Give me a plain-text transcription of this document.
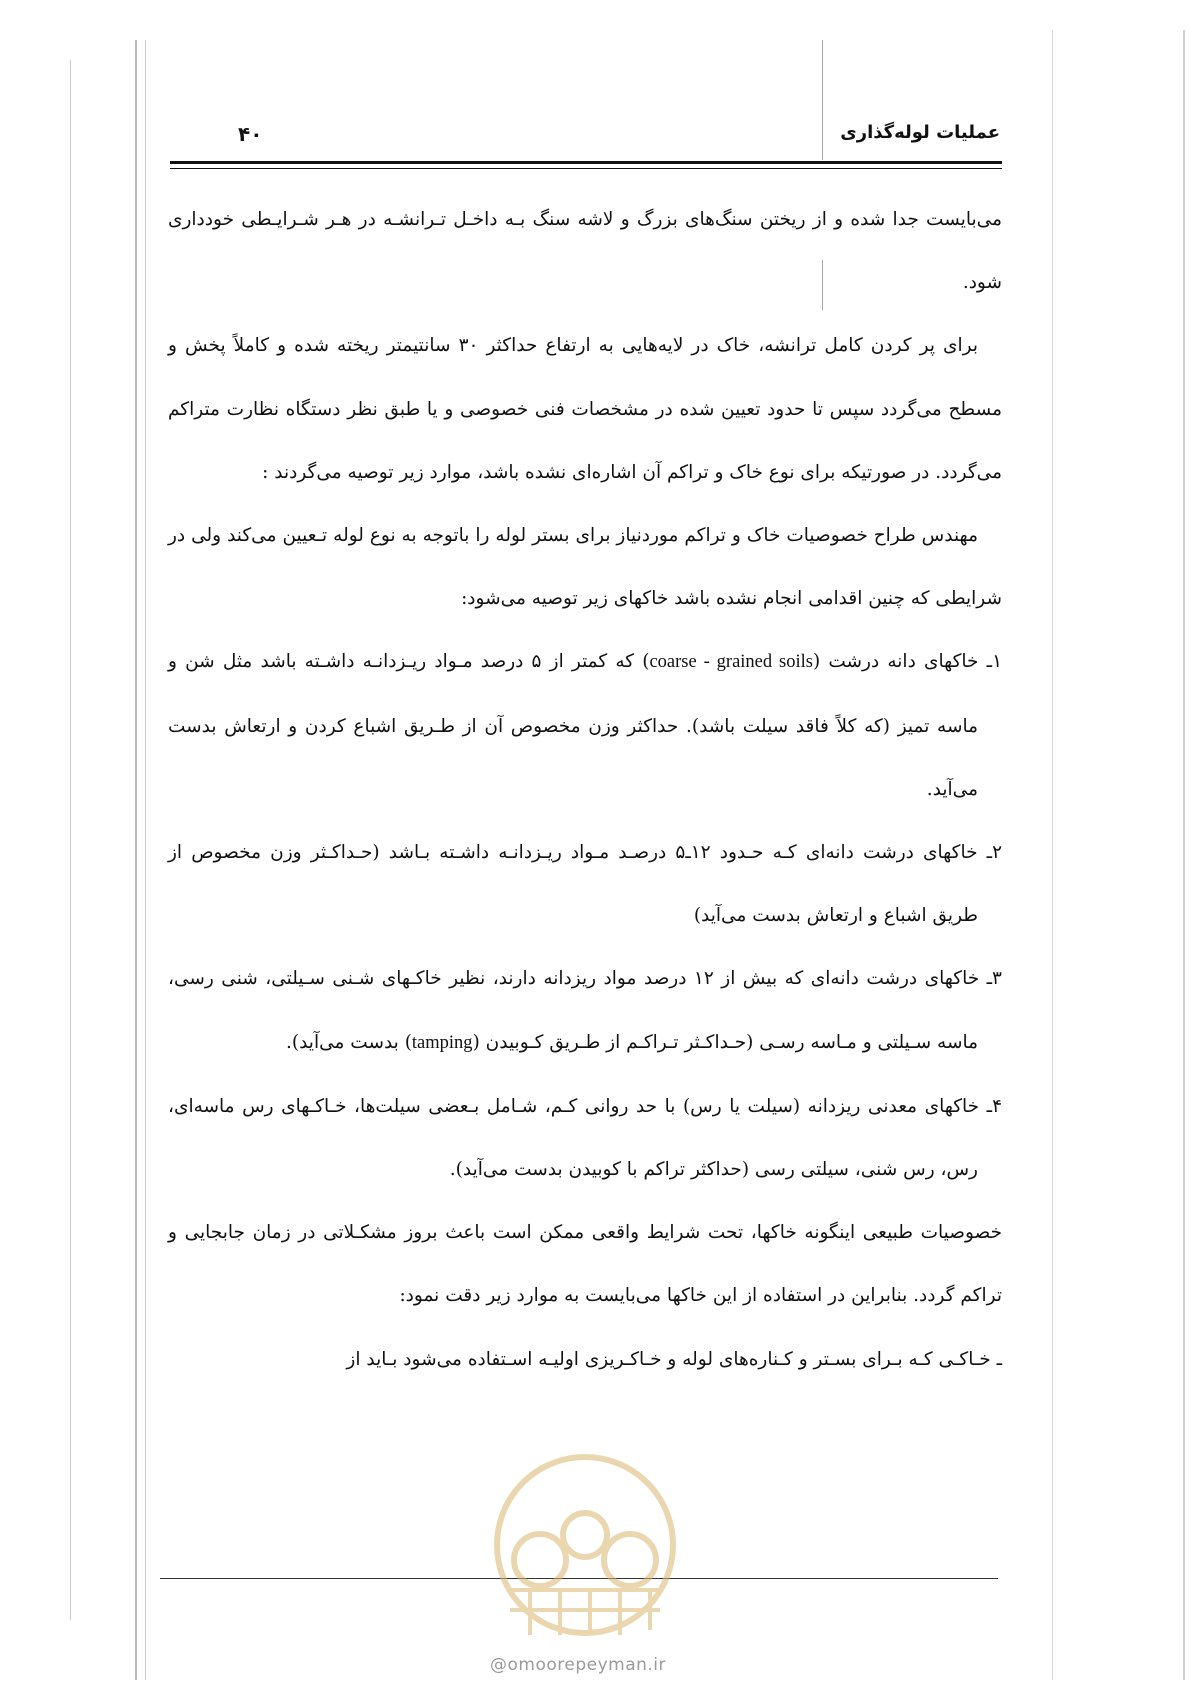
۴۰	عملیات لوله‌گذاری

می‌بایست جدا شده و از ریختن سنگ‌های بزرگ و لاشه سنگ بـه داخـل تـرانشـه در هـر شـرایـطی خودداری شود.

برای پر کردن کامل ترانشه، خاک در لایه‌هایی به ارتفاع حداکثر ۳۰ سانتیمتر ریخته شده و کاملاً پخش و مسطح می‌گردد سپس تا حدود تعیین شده در مشخصات فنی خصوصی و یا طبق نظر دستگاه نظارت متراکم می‌گردد. در صورتیکه برای نوع خاک و تراکم آن اشاره‌ای نشده باشد، موارد زیر توصیه می‌گردند :

مهندس طراح خصوصیات خاک و تراکم موردنیاز برای بستر لوله را باتوجه به نوع لوله تـعیین می‌کند ولی در شرایطی که چنین اقدامی انجام نشده باشد خاکهای زیر توصیه می‌شود:

۱ـ خاکهای دانه درشت (coarse - grained soils) که کمتر از ۵ درصد مـواد ریـزدانـه داشـته باشد مثل شن و ماسه تمیز (که کلاً فاقد سیلت باشد). حداکثر وزن مخصوص آن از طـریق اشباع کردن و ارتعاش بدست می‌آید.

۲ـ خاکهای درشت دانه‌ای کـه حـدود ۱۲ـ۵ درصـد مـواد ریـزدانـه داشـته بـاشد (حـداکـثر وزن مخصوص از طریق اشباع و ارتعاش بدست می‌آید)

۳ـ خاکهای درشت دانه‌ای که بیش از ۱۲ درصد مواد ریزدانه دارند، نظیر خاکـهای شـنی سـیلتی، شنی رسی، ماسه سـیلتی و مـاسه رسـی (حـداکـثر تـراکـم از طـریق کـوبیدن (tamping) بدست می‌آید).

۴ـ خاکهای معدنی ریزدانه (سیلت یا رس) با حد روانی کـم، شـامل بـعضی سیلت‌ها، خـاکـهای رس ماسه‌ای، رس، رس شنی، سیلتی رسی (حداکثر تراکم با کوبیدن بدست می‌آید).

خصوصیات طبیعی اینگونه خاکها، تحت شرایط واقعی ممکن است باعث بروز مشکـلاتی در زمان جابجایی و تراکم گردد. بنابراین در استفاده از این خاکها می‌بایست به موارد زیر دقت نمود:

ـ خـاکـی کـه بـرای بسـتر و کـناره‌های لوله و خـاکـریزی اولیـه اسـتفاده می‌شود بـاید از

@omoorepeyman.ir
